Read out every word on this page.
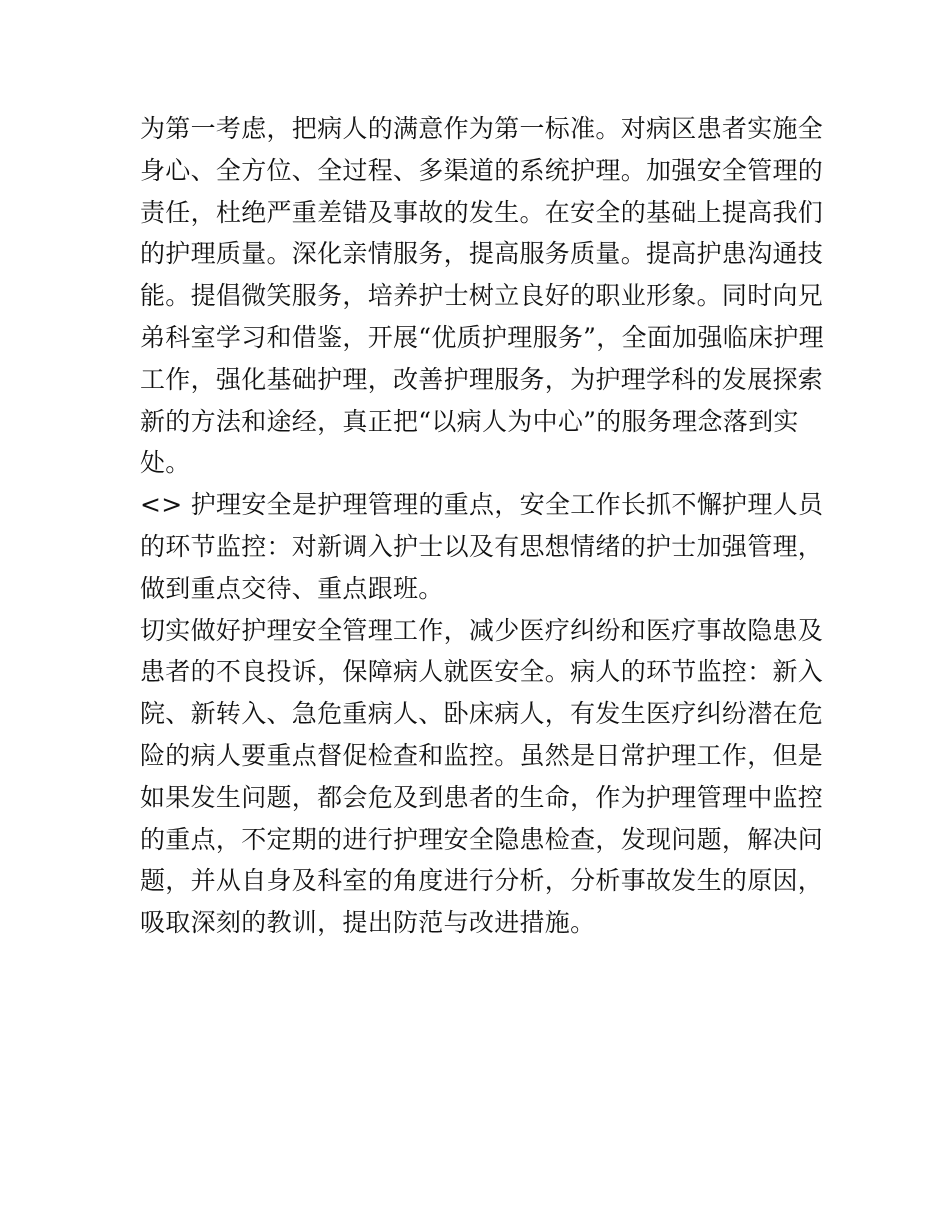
为第一考虑，把病人的满意作为第一标准。对病区患者实施全
身心、全方位、全过程、多渠道的系统护理。加强安全管理的
责任，杜绝严重差错及事故的发生。在安全的基础上提高我们
的护理质量。深化亲情服务，提高服务质量。提高护患沟通技
能。提倡微笑服务，培养护士树立良好的职业形象。同时向兄
弟科室学习和借鉴，开展“优质护理服务”，全面加强临床护理
工作，强化基础护理，改善护理服务，为护理学科的发展探索
新的方法和途经，真正把“以病人为中心”的服务理念落到实
处。
<> 护理安全是护理管理的重点，安全工作长抓不懈护理人员
的环节监控：对新调入护士以及有思想情绪的护士加强管理，
做到重点交待、重点跟班。
切实做好护理安全管理工作，减少医疗纠纷和医疗事故隐患及
患者的不良投诉，保障病人就医安全。病人的环节监控：新入
院、新转入、急危重病人、卧床病人，有发生医疗纠纷潜在危
险的病人要重点督促检查和监控。虽然是日常护理工作，但是
如果发生问题，都会危及到患者的生命，作为护理管理中监控
的重点，不定期的进行护理安全隐患检查，发现问题，解决问
题，并从自身及科室的角度进行分析，分析事故发生的原因，
吸取深刻的教训，提出防范与改进措施。
